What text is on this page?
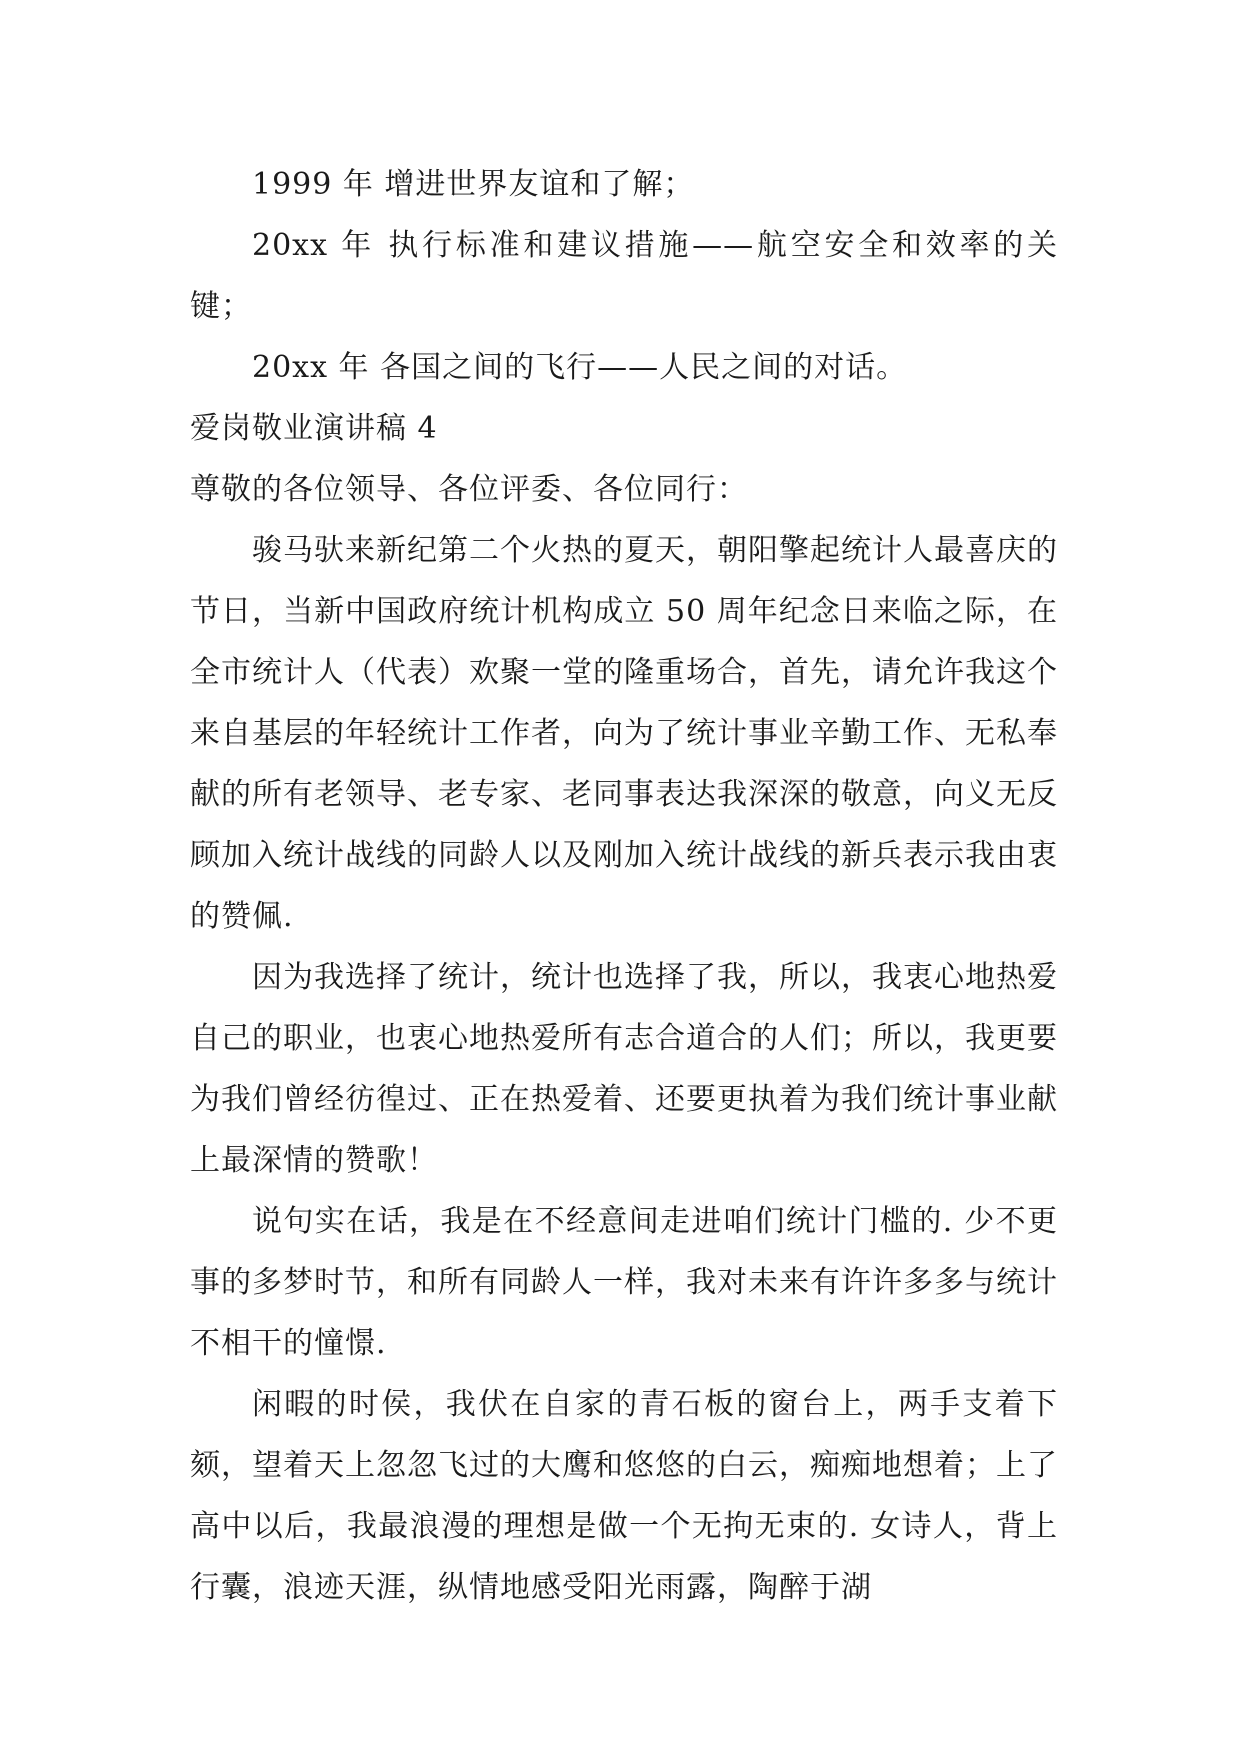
1999 年 增进世界友谊和了解；

20xx 年 执行标准和建议措施——航空安全和效率的关键；

20xx 年 各国之间的飞行——人民之间的对话。

爱岗敬业演讲稿 4

尊敬的各位领导、各位评委、各位同行：

骏马驮来新纪第二个火热的夏天，朝阳擎起统计人最喜庆的节日，当新中国政府统计机构成立 50 周年纪念日来临之际，在全市统计人（代表）欢聚一堂的隆重场合，首先，请允许我这个来自基层的年轻统计工作者，向为了统计事业辛勤工作、无私奉献的所有老领导、老专家、老同事表达我深深的敬意，向义无反顾加入统计战线的同龄人以及刚加入统计战线的新兵表示我由衷的赞佩.

因为我选择了统计，统计也选择了我，所以，我衷心地热爱自己的职业，也衷心地热爱所有志合道合的人们；所以，我更要为我们曾经彷徨过、正在热爱着、还要更执着为我们统计事业献上最深情的赞歌！

说句实在话，我是在不经意间走进咱们统计门槛的. 少不更事的多梦时节，和所有同龄人一样，我对未来有许许多多与统计不相干的憧憬.

闲暇的时侯，我伏在自家的青石板的窗台上，两手支着下颏，望着天上忽忽飞过的大鹰和悠悠的白云，痴痴地想着；上了高中以后，我最浪漫的理想是做一个无拘无束的. 女诗人，背上行囊，浪迹天涯，纵情地感受阳光雨露，陶醉于湖
